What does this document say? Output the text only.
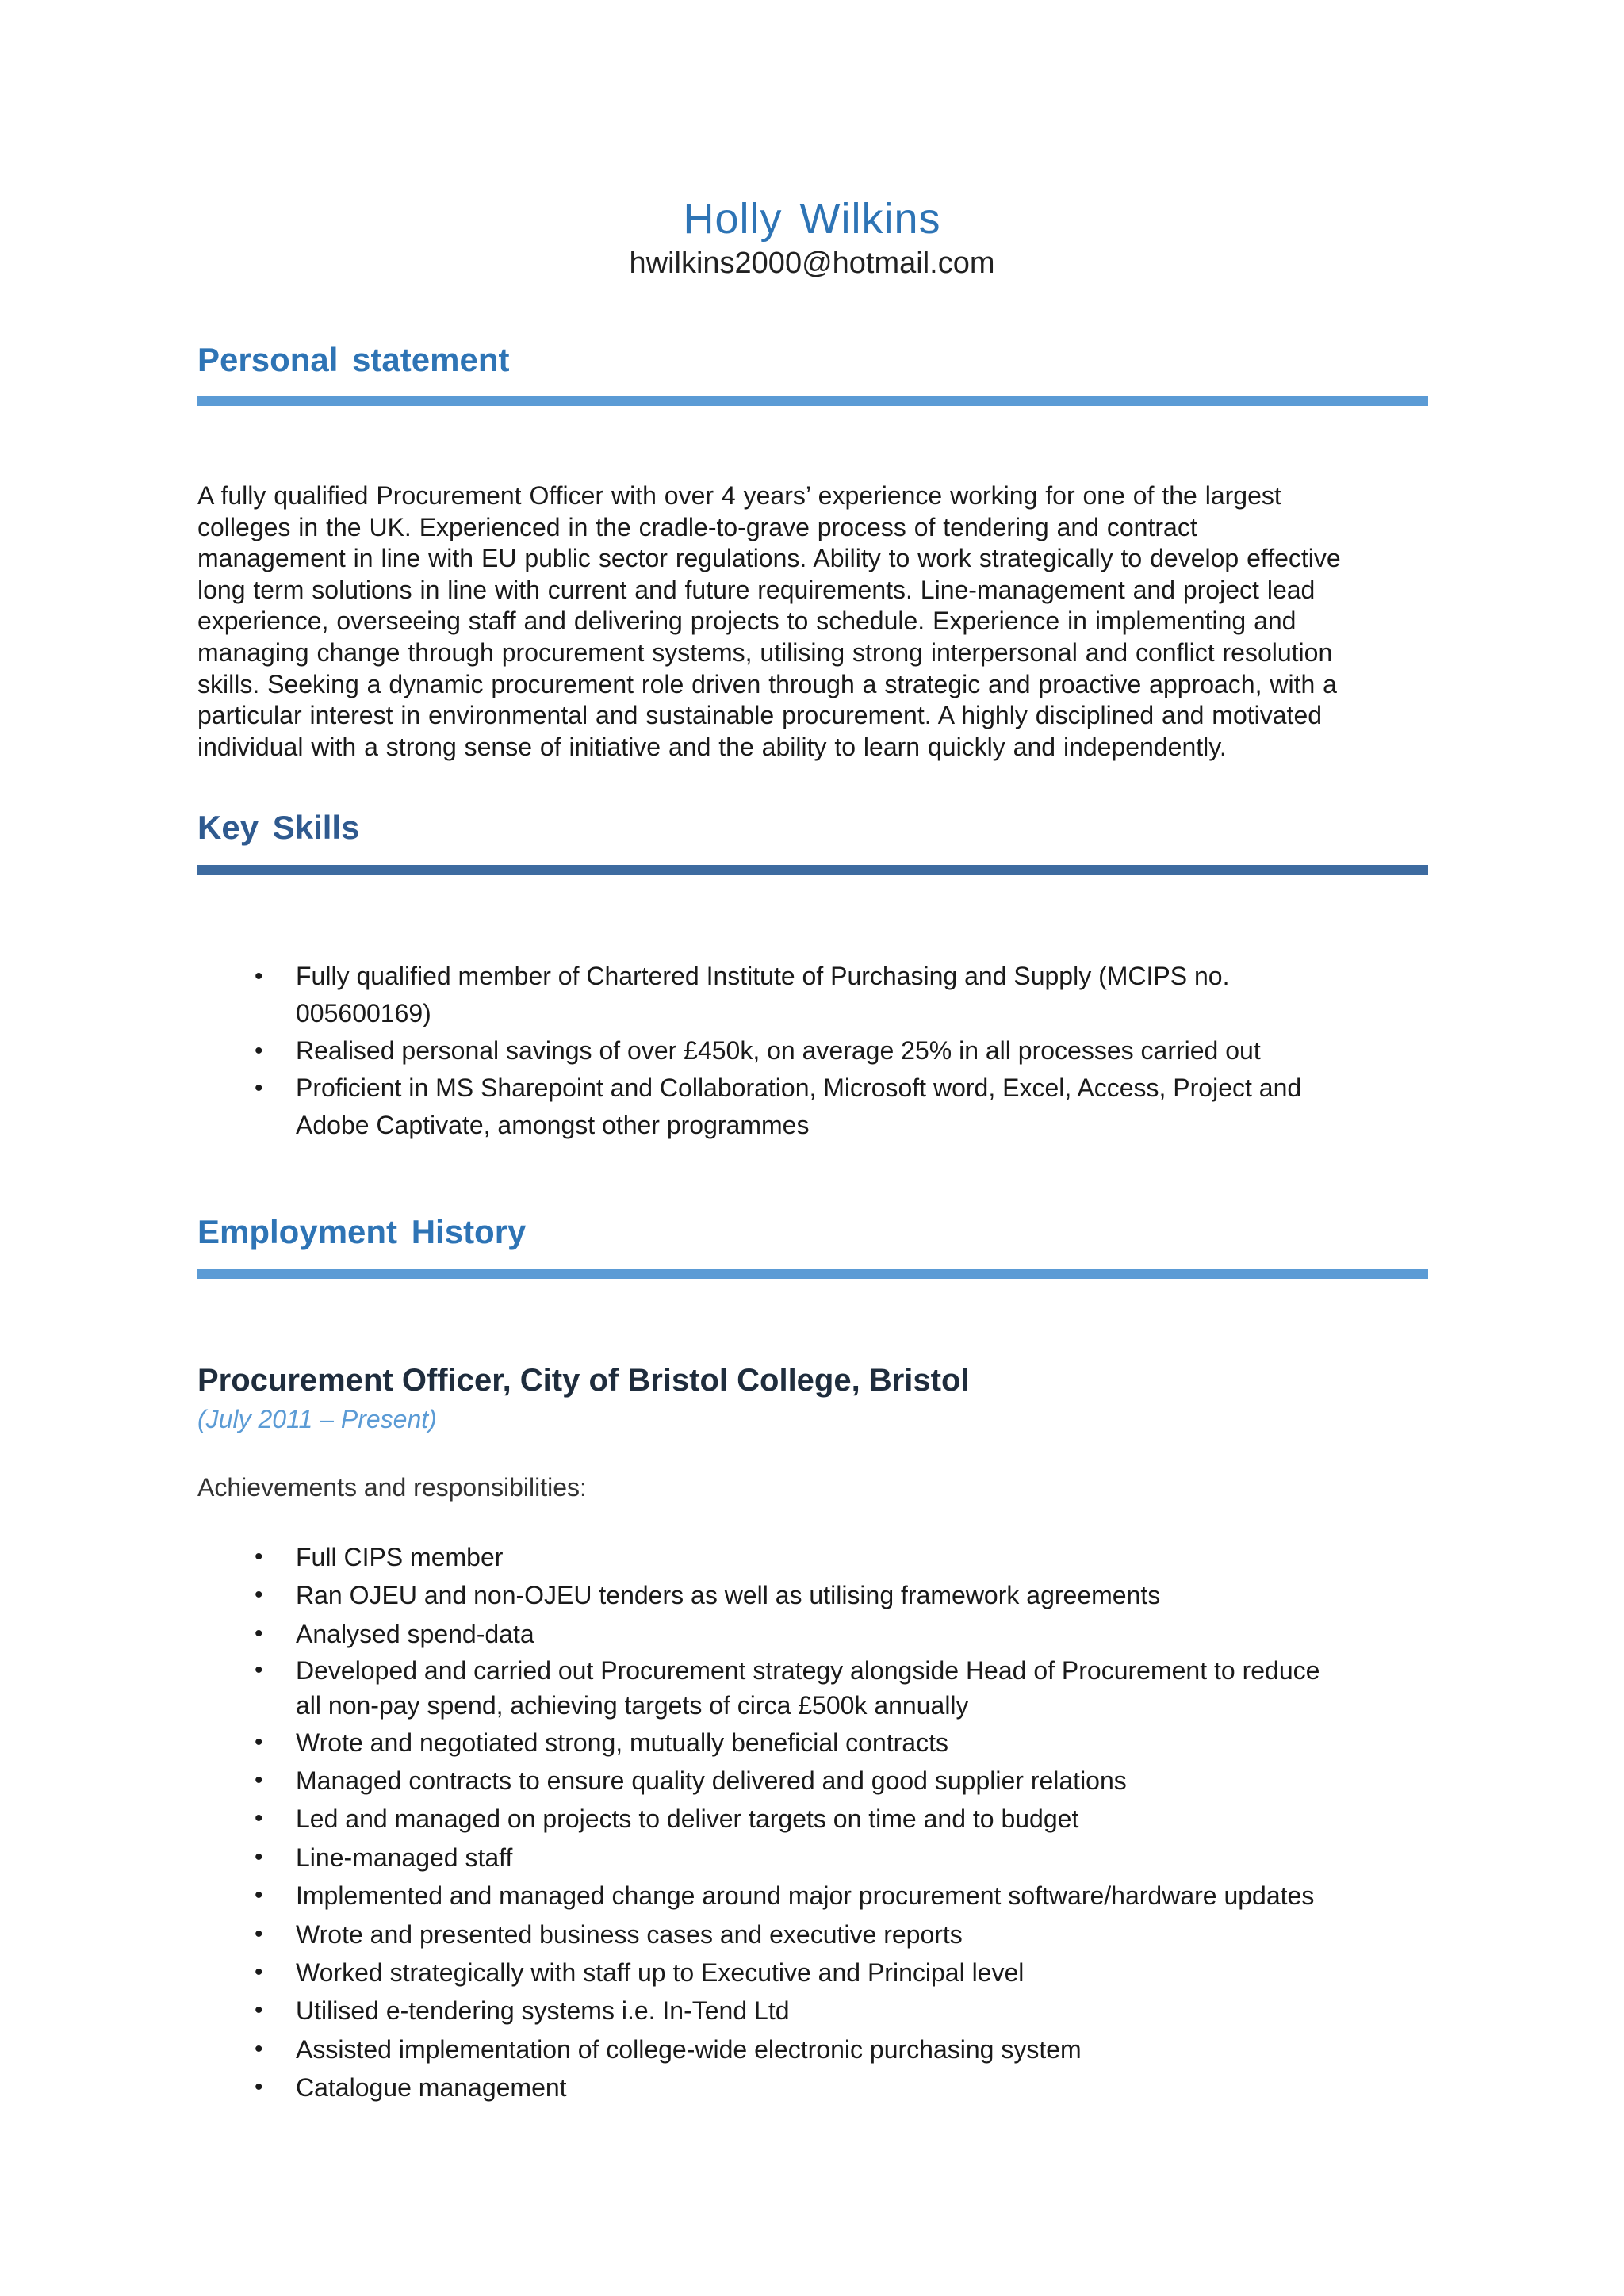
Holly Wilkins
hwilkins2000@hotmail.com
Personal statement
A fully qualified Procurement Officer with over 4 years’ experience working for one of the largest
colleges in the UK. Experienced in the cradle-to-grave process of tendering and contract
management in line with EU public sector regulations. Ability to work strategically to develop effective
long term solutions in line with current and future requirements. Line-management and project lead
experience, overseeing staff and delivering projects to schedule. Experience in implementing and
managing change through procurement systems, utilising strong interpersonal and conflict resolution
skills. Seeking a dynamic procurement role driven through a strategic and proactive approach, with a
particular interest in environmental and sustainable procurement. A highly disciplined and motivated
individual with a strong sense of initiative and the ability to learn quickly and independently.
Key Skills
• Fully qualified member of Chartered Institute of Purchasing and Supply (MCIPS no.
005600169)
• Realised personal savings of over £450k, on average 25% in all processes carried out
• Proficient in MS Sharepoint and Collaboration, Microsoft word, Excel, Access, Project and
Adobe Captivate, amongst other programmes
Employment History
Procurement Officer, City of Bristol College, Bristol
(July 2011 – Present)
Achievements and responsibilities:
• Full CIPS member
• Ran OJEU and non-OJEU tenders as well as utilising framework agreements
• Analysed spend-data
• Developed and carried out Procurement strategy alongside Head of Procurement to reduce
all non-pay spend, achieving targets of circa £500k annually
• Wrote and negotiated strong, mutually beneficial contracts
• Managed contracts to ensure quality delivered and good supplier relations
• Led and managed on projects to deliver targets on time and to budget
• Line-managed staff
• Implemented and managed change around major procurement software/hardware updates
• Wrote and presented business cases and executive reports
• Worked strategically with staff up to Executive and Principal level
• Utilised e-tendering systems i.e. In-Tend Ltd
• Assisted implementation of college-wide electronic purchasing system
• Catalogue management
